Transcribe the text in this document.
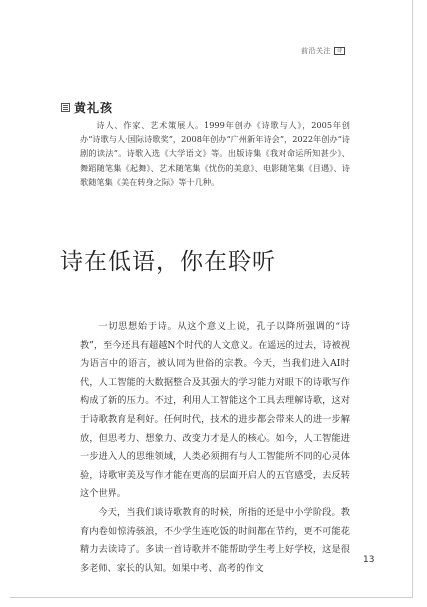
前沿关注	诗
黄礼孩

诗人、作家、艺术策展人。1999年创办《诗歌与人》，2005年创办“诗歌与人·国际诗歌奖”，2008年创办“广州新年诗会”，2022年创办“诗剧的读法”。诗歌入选《大学语文》等。出版诗集《我对命运所知甚少》、舞蹈随笔集《起舞》、艺术随笔集《忧伤的美意》、电影随笔集《目遇》、诗歌随笔集《美在转身之际》等十几种。

诗在低语，你在聆听

一切思想始于诗。从这个意义上说，孔子以降所强调的“诗教”，至今还具有超越N个时代的人文意义。在遥远的过去，诗被视为语言中的语言，被认同为世俗的宗教。今天，当我们进入AI时代，人工智能的大数据整合及其强大的学习能力对眼下的诗歌写作构成了新的压力。不过，利用人工智能这个工具去理解诗歌，这对于诗歌教育是利好。任何时代，技术的进步都会带来人的进一步解放，但思考力、想象力、改变力才是人的核心。如今，人工智能进一步进入人的思维领域，人类必须拥有与人工智能所不同的心灵体验，诗歌审美及写作才能在更高的层面开启人的五官感受，去反转这个世界。

今天，当我们谈诗歌教育的时候，所指的还是中小学阶段。教育内卷如惊涛骇浪，不少学生连吃饭的时间都在节约，更不可能花精力去读诗了。多读一首诗歌并不能帮助学生考上好学校，这是很多老师、家长的认知。如果中考、高考的作文

13
